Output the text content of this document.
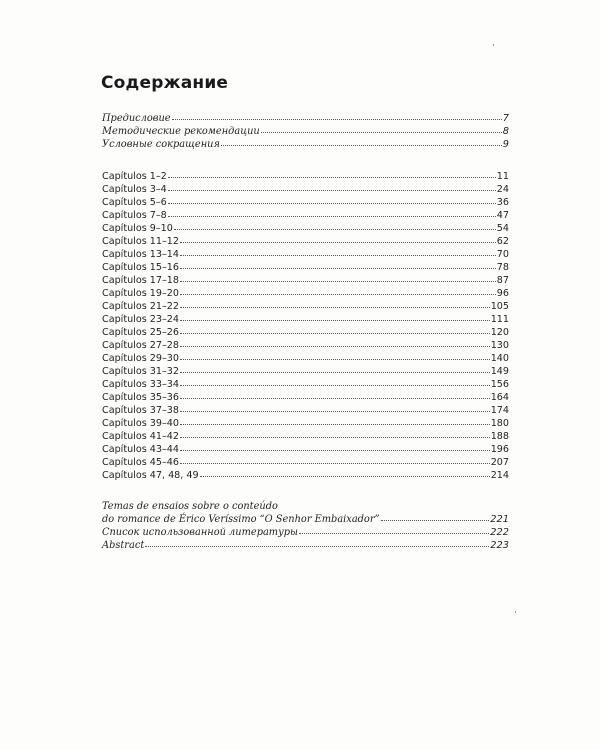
Содержание
Предисловие	7
Методические рекомендации	8
Условные сокращения	9
Capítulos 1–2	11
Capítulos 3–4	24
Capítulos 5–6	36
Capítulos 7–8	47
Capítulos 9–10	54
Capítulos 11–12	62
Capítulos 13–14	70
Capítulos 15–16	78
Capítulos 17–18	87
Capítulos 19–20	96
Capítulos 21–22	105
Capítulos 23–24	111
Capítulos 25–26	120
Capítulos 27–28	130
Capítulos 29–30	140
Capítulos 31–32	149
Capítulos 33–34	156
Capítulos 35–36	164
Capítulos 37–38	174
Capítulos 39–40	180
Capítulos 41–42	188
Capítulos 43–44	196
Capítulos 45–46	207
Capítulos 47, 48, 49	214
Temas de ensaios sobre o conteúdo
do romance de Érico Veríssimo “O Senhor Embaixador”	221
Список использованной литературы	222
Abstract	223
